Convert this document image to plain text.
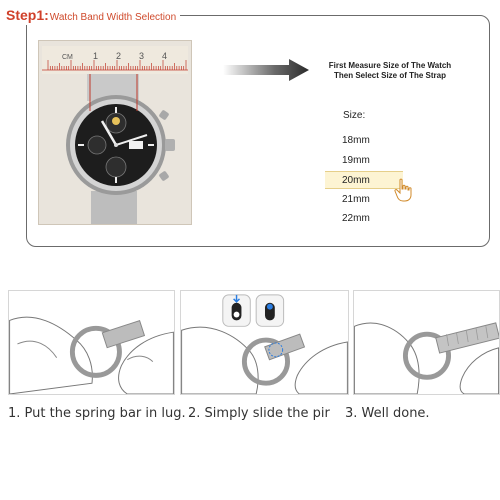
Step1 : Watch Band Width Selection
CM 1 2 3 4
First Measure Size of The Watch
Then Select Size of The Strap
Size:
18mm
19mm
20mm
21mm
22mm
1. Put the spring bar in lug. 2. Simply slide the pir 3. Well done.
